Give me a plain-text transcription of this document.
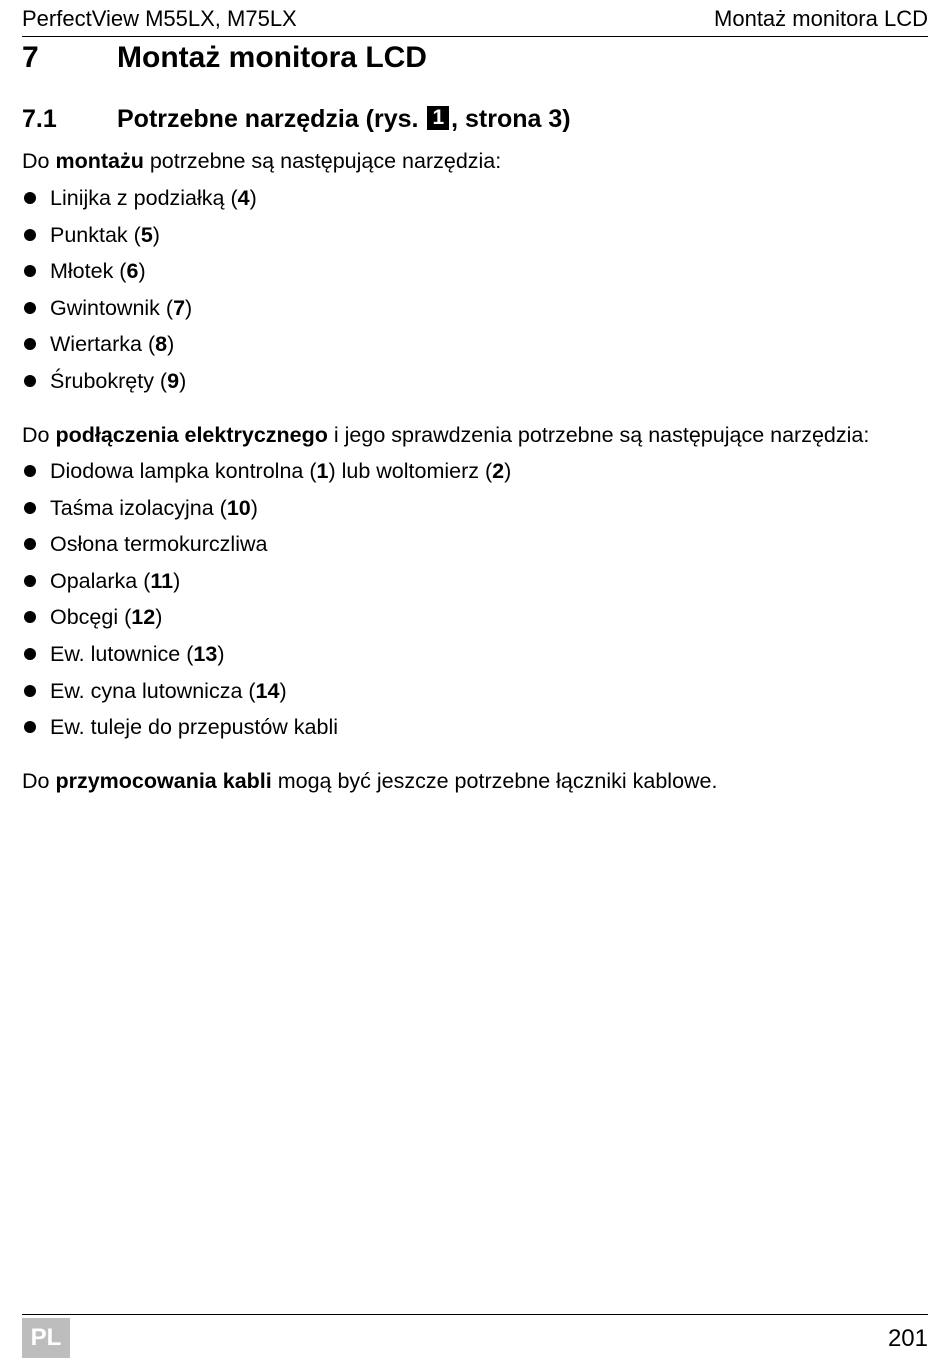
PerfectView M55LX, M75LX	Montaż monitora LCD
7	Montaż monitora LCD
7.1 Potrzebne narzędzia (rys. 1 , strona 3)
Do montażu potrzebne są następujące narzędzia:
Linijka z podziałką (4)
Punktak (5)
Młotek (6)
Gwintownik (7)
Wiertarka (8)
Śrubokręty (9)
Do podłączenia elektrycznego i jego sprawdzenia potrzebne są następujące narzędzia:
Diodowa lampka kontrolna (1) lub woltomierz (2)
Taśma izolacyjna (10)
Osłona termokurczliwa
Opalarka (11)
Obcęgi (12)
Ew. lutownice (13)
Ew. cyna lutownicza (14)
Ew. tuleje do przepustów kabli
Do przymocowania kabli mogą być jeszcze potrzebne łączniki kablowe.
PL	201
